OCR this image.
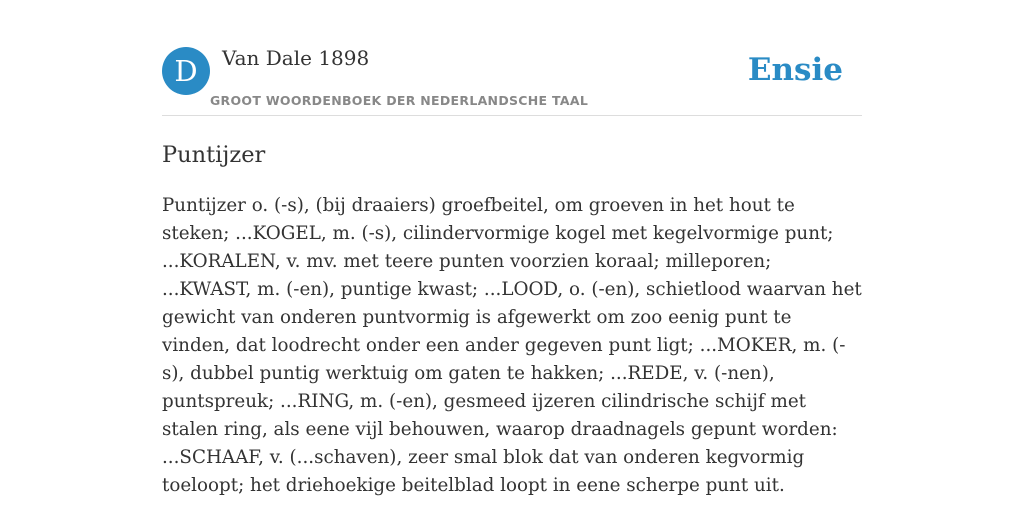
D	Van Dale 1898
GROOT WOORDENBOEK DER NEDERLANDSCHE TAAL
Ensie
Puntijzer

Puntijzer o. (-s), (bij draaiers) groefbeitel, om groeven in het hout te steken; ...KOGEL, m. (-s), cilindervormige kogel met kegelvormige punt; ...KORALEN, v. mv. met teere punten voorzien koraal; milleporen; ...KWAST, m. (-en), puntige kwast; ...LOOD, o. (-en), schietlood waarvan het gewicht van onderen puntvormig is afgewerkt om zoo eenig punt te vinden, dat loodrecht onder een ander gegeven punt ligt; ...MOKER, m. (-s), dubbel puntig werktuig om gaten te hakken; ...REDE, v. (-nen), puntspreuk; ...RING, m. (-en), gesmeed ijzeren cilindrische schijf met stalen ring, als eene vijl behouwen, waarop draadnagels gepunt worden: ...SCHAAF, v. (...schaven), zeer smal blok dat van onderen kegvormig toeloopt; het driehoekige beitelblad loopt in eene scherpe punt uit.
